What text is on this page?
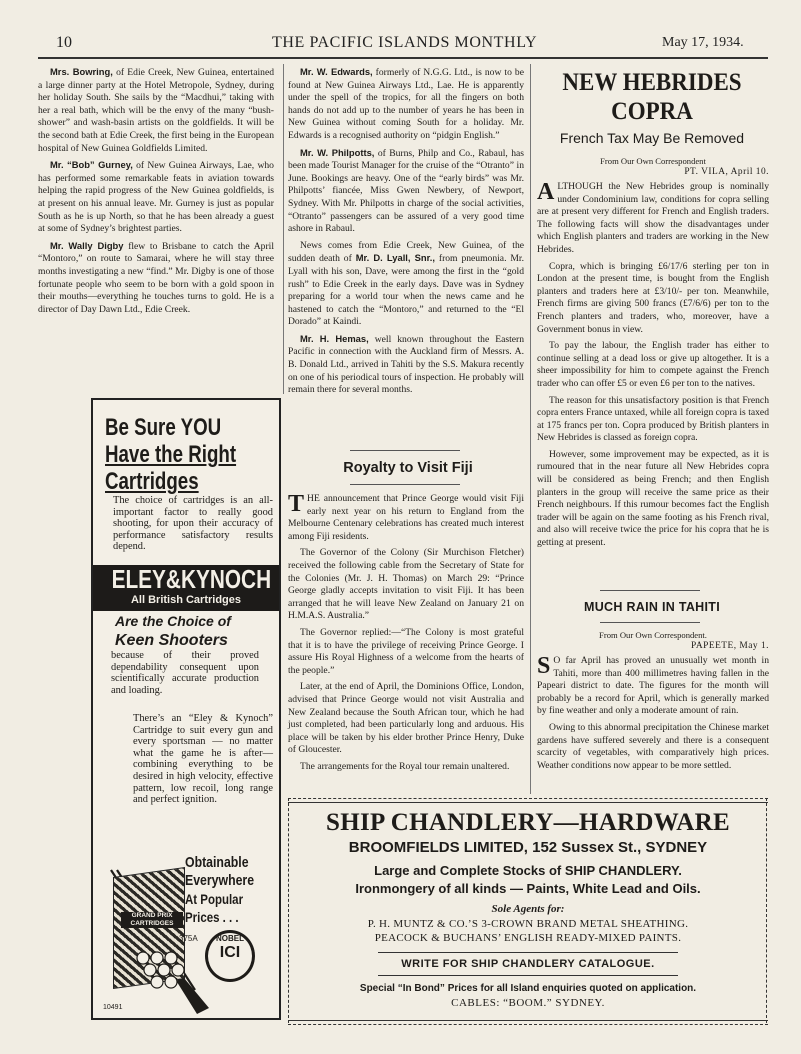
10	THE PACIFIC ISLANDS MONTHLY	May 17, 1934.

Mrs. Bowring, of Edie Creek, New Guinea, entertained a large dinner party at the Hotel Metropole, Sydney, during her holiday South. She sails by the “Macdhui,” taking with her a real bath, which will be the envy of the many “bush-shower” and wash-basin artists on the goldfields. It will be the second bath at Edie Creek, the first being in the European hospital of New Guinea Goldfields Limited.

Mr. “Bob” Gurney, of New Guinea Airways, Lae, who has performed some remarkable feats in aviation towards helping the rapid progress of the New Guinea goldfields, is at present on his annual leave. Mr. Gurney is just as popular South as he is up North, so that he has been already a guest at some of Sydney’s brightest parties.

Mr. Wally Digby flew to Brisbane to catch the April “Montoro,” on route to Samarai, where he will stay three months investigating a new “find.” Mr. Digby is one of those fortunate people who seem to be born with a gold spoon in their mouths—everything he touches turns to gold. He is a director of Day Dawn Ltd., Edie Creek.

Mr. W. Edwards, formerly of N.G.G. Ltd., is now to be found at New Guinea Airways Ltd., Lae. He is apparently under the spell of the tropics, for all the fingers on both hands do not add up to the number of years he has been in New Guinea without coming South for a holiday. Mr. Edwards is a recognised authority on “pidgin English.”

Mr. W. Philpotts, of Burns, Philp and Co., Rabaul, has been made Tourist Manager for the cruise of the “Otranto” in June. Bookings are heavy. One of the “early birds” was Mr. Philpotts’ fiancée, Miss Gwen Newbery, of Newport, Sydney. With Mr. Philpotts in charge of the social activities, “Otranto” passengers can be assured of a very good time ashore in Rabaul.

News comes from Edie Creek, New Guinea, of the sudden death of Mr. D. Lyall, Snr., from pneumonia. Mr. Lyall with his son, Dave, were among the first in the “gold rush” to Edie Creek in the early days. Dave was in Sydney preparing for a world tour when the news came and he hastened to catch the “Montoro,” and returned to the “El Dorado” at Kaindi.

Mr. H. Hemas, well known throughout the Eastern Pacific in connection with the Auckland firm of Messrs. A. B. Donald Ltd., arrived in Tahiti by the S.S. Makura recently on one of his periodical tours of inspection. He probably will remain there for several months.

Royalty to Visit Fiji

THE announcement that Prince George would visit Fiji early next year on his return to England from the Melbourne Centenary celebrations has created much interest among Fiji residents.

The Governor of the Colony (Sir Murchison Fletcher) received the following cable from the Secretary of State for the Colonies (Mr. J. H. Thomas) on March 29: “Prince George gladly accepts invitation to visit Fiji. It has been arranged that he will leave New Zealand on January 21 on H.M.A.S. Australia.”

The Governor replied:—“The Colony is most grateful that it is to have the privilege of receiving Prince George. I assure His Royal Highness of a welcome from the hearts of the people.”

Later, at the end of April, the Dominions Office, London, advised that Prince George would not visit Australia and New Zealand because the South African tour, which he had just completed, had been particularly long and arduous. His place will be taken by his elder brother Prince Henry, Duke of Gloucester.

The arrangements for the Royal tour remain unaltered.

NEW HEBRIDES
COPRA
French Tax May Be Removed
From Our Own Correspondent
PT. VILA, April 10.

ALTHOUGH the New Hebrides group is nominally under Condominium law, conditions for copra selling are at present very different for French and English traders. The following facts will show the disadvantages under which English planters and traders are working in the New Hebrides.

Copra, which is bringing £6/17/6 sterling per ton in London at the present time, is bought from the English planters and traders here at £3/10/- per ton. Meanwhile, French firms are giving 500 francs (£7/6/6) per ton to the French planters and traders, who, moreover, have a Government bonus in view.

To pay the labour, the English trader has either to continue selling at a dead loss or give up altogether. It is a sheer impossibility for him to compete against the French trader who can offer £5 or even £6 per ton to the natives.

The reason for this unsatisfactory position is that French copra enters France untaxed, while all foreign copra is taxed at 175 francs per ton. Copra produced by British planters in New Hebrides is classed as foreign copra.

However, some improvement may be expected, as it is rumoured that in the near future all New Hebrides copra will be considered as being French; and then English planters in the group will receive the same price as their French neighbours. If this rumour becomes fact the English trader will be again on the same footing as his French rival, and also will receive twice the price for his copra that he is getting at present.

MUCH RAIN IN TAHITI
From Our Own Correspondent.
PAPEETE, May 1.

S O far April has proved an unusually wet month in Tahiti, more than 400 millimetres having fallen in the Papeari district to date. The figures for the month will probably be a record for April, which is generally marked by fine weather and only a moderate amount of rain.

Owing to this abnormal precipitation the Chinese market gardens have suffered severely and there is a consequent scarcity of vegetables, with comparatively high prices. Weather conditions now appear to be more settled.

Be Sure YOU
Have the Right
Cartridges
The choice of cartridges is an all-important factor to really good shooting, for upon their accuracy of performance satisfactory results depend.
ELEY&KYNOCH
All British Cartridges
Are the Choice of
Keen Shooters
because of their proved dependability consequent upon scientifically accurate production and loading.
There’s an “Eley & Kynoch” Cartridge to suit every gun and every sportsman — no matter what the game he is after—combining everything to be desired in high velocity, effective pattern, low recoil, long range and perfect ignition.
GRAND PRIX
CARTRIDGES
Obtainable
Everywhere
At Popular
Prices . . .
375A	NOBEL
ICI
10491
SHIP CHANDLERY—HARDWARE
BROOMFIELDS LIMITED, 152 Sussex St., SYDNEY
Large and Complete Stocks of SHIP CHANDLERY.
Ironmongery of all kinds — Paints, White Lead and Oils.
Sole Agents for:
P. H. MUNTZ & CO.’S 3-CROWN BRAND METAL SHEATHING.
PEACOCK & BUCHANS’ ENGLISH READY-MIXED PAINTS.
WRITE FOR SHIP CHANDLERY CATALOGUE.
Special “In Bond” Prices for all Island enquiries quoted on application.
CABLES: “BOOM.” SYDNEY.
